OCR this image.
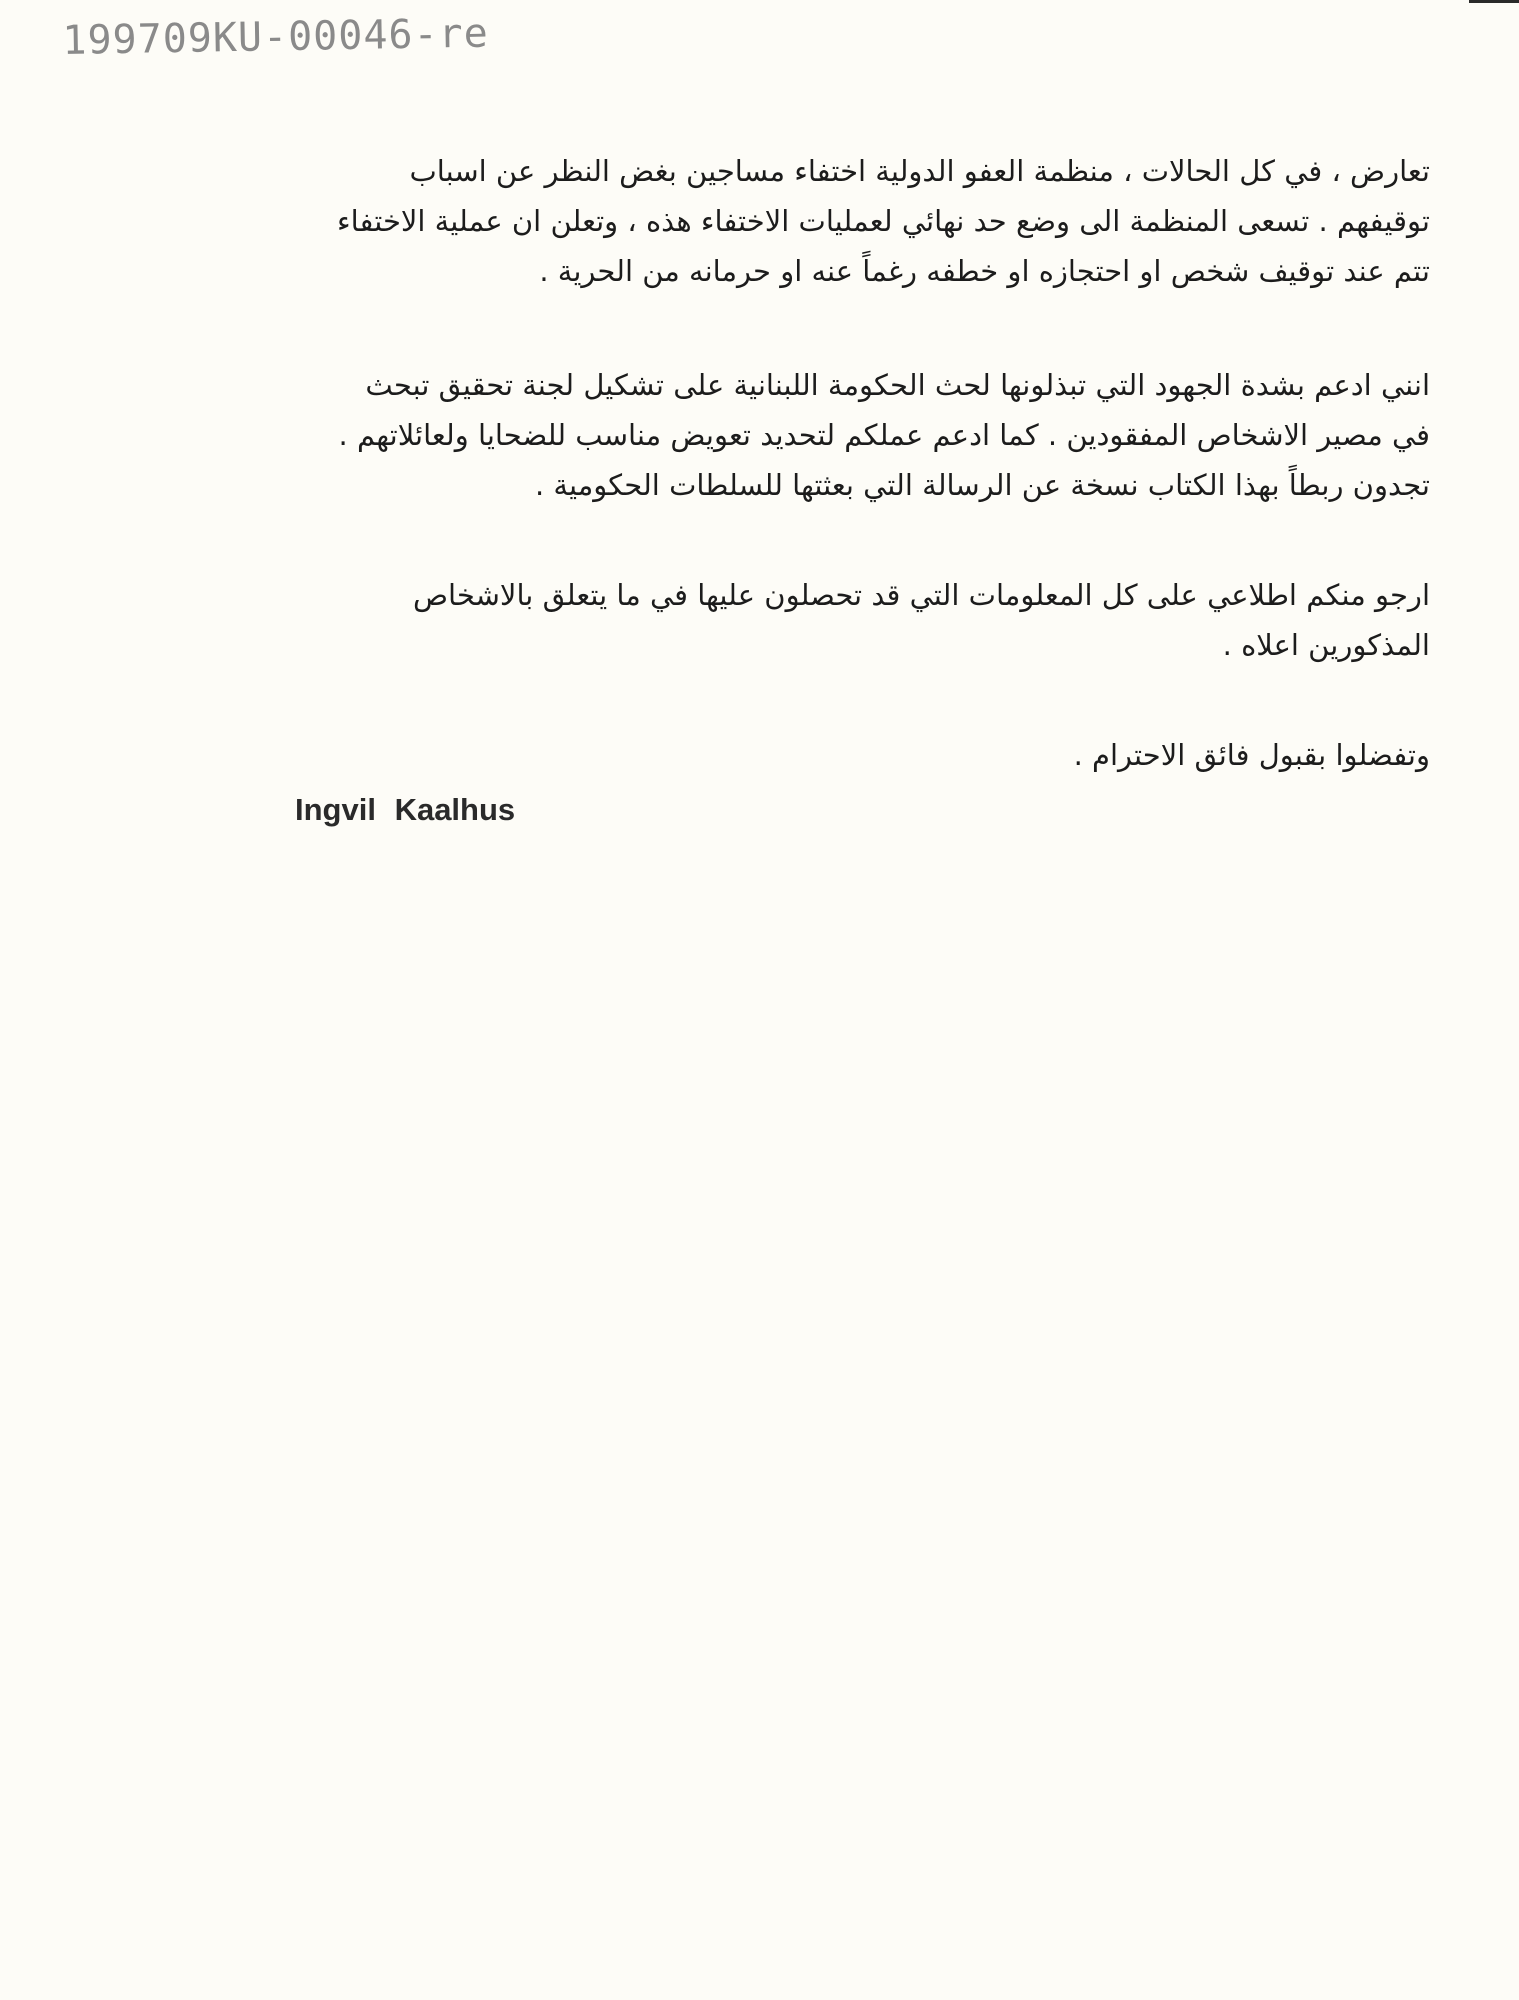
199709KU-00046-re
تعارض ، في كل الحالات ، منظمة العفو الدولية اختفاء مساجين بغض النظر عن اسباب
توقيفهم . تسعى المنظمة الى وضع حد نهائي لعمليات الاختفاء هذه ، وتعلن ان عملية الاختفاء
تتم عند توقيف شخص او احتجازه او خطفه رغماً عنه او حرمانه من الحرية .
انني ادعم بشدة الجهود التي تبذلونها لحث الحكومة اللبنانية على تشكيل لجنة تحقيق تبحث
في مصير الاشخاص المفقودين . كما ادعم عملكم لتحديد تعويض مناسب للضحايا ولعائلاتهم .
تجدون ربطاً بهذا الكتاب نسخة عن الرسالة التي بعثتها للسلطات الحكومية .
ارجو منكم اطلاعي على كل المعلومات التي قد تحصلون عليها في ما يتعلق بالاشخاص
المذكورين اعلاه .
وتفضلوا بقبول فائق الاحترام .
Ingvil Kaalhus
